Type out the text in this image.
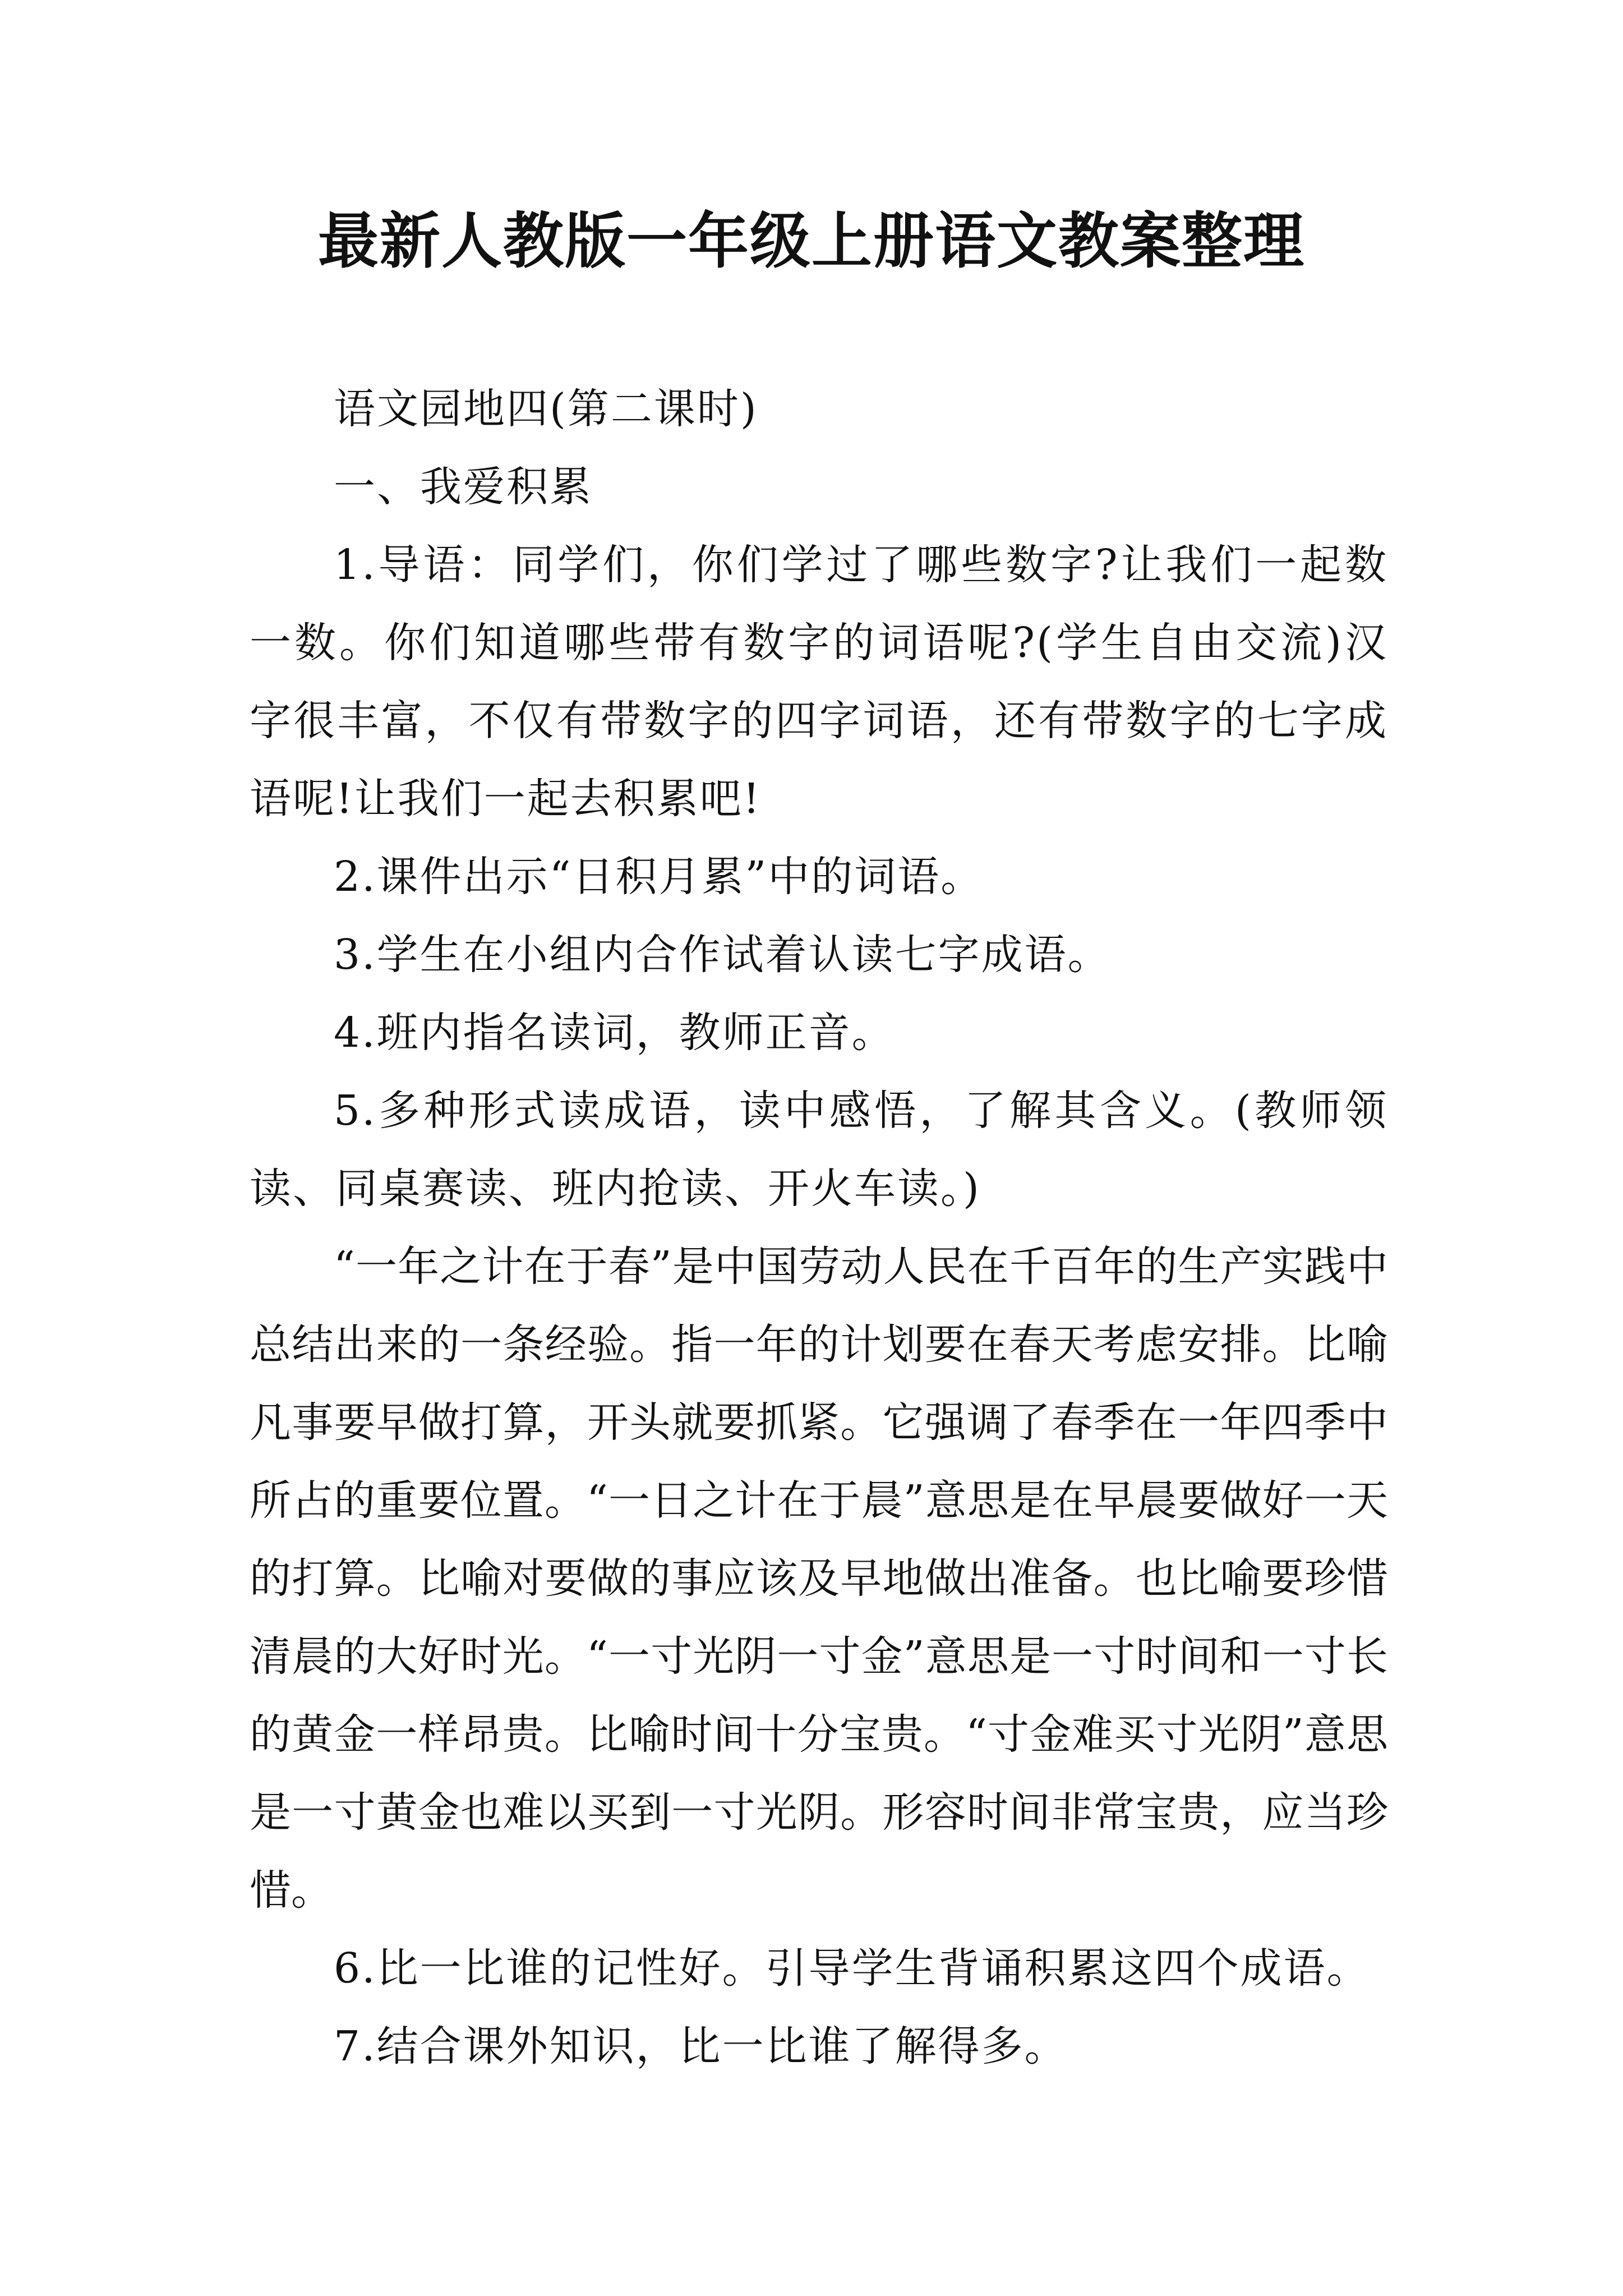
最新人教版一年级上册语文教案整理

语文园地四(第二课时)

一、我爱积累

1.导语：同学们，你们学过了哪些数字?让我们一起数一数。你们知道哪些带有数字的词语呢?(学生自由交流)汉字很丰富，不仅有带数字的四字词语，还有带数字的七字成语呢!让我们一起去积累吧!

2.课件出示“日积月累”中的词语。

3.学生在小组内合作试着认读七字成语。

4.班内指名读词，教师正音。

5.多种形式读成语，读中感悟，了解其含义。(教师领读、同桌赛读、班内抢读、开火车读。)

“一年之计在于春”是中国劳动人民在千百年的生产实践中总结出来的一条经验。指一年的计划要在春天考虑安排。比喻凡事要早做打算，开头就要抓紧。它强调了春季在一年四季中所占的重要位置。“一日之计在于晨”意思是在早晨要做好一天的打算。比喻对要做的事应该及早地做出准备。也比喻要珍惜清晨的大好时光。“一寸光阴一寸金”意思是一寸时间和一寸长的黄金一样昂贵。比喻时间十分宝贵。“寸金难买寸光阴”意思是一寸黄金也难以买到一寸光阴。形容时间非常宝贵，应当珍惜。

6.比一比谁的记性好。引导学生背诵积累这四个成语。

7.结合课外知识，比一比谁了解得多。
